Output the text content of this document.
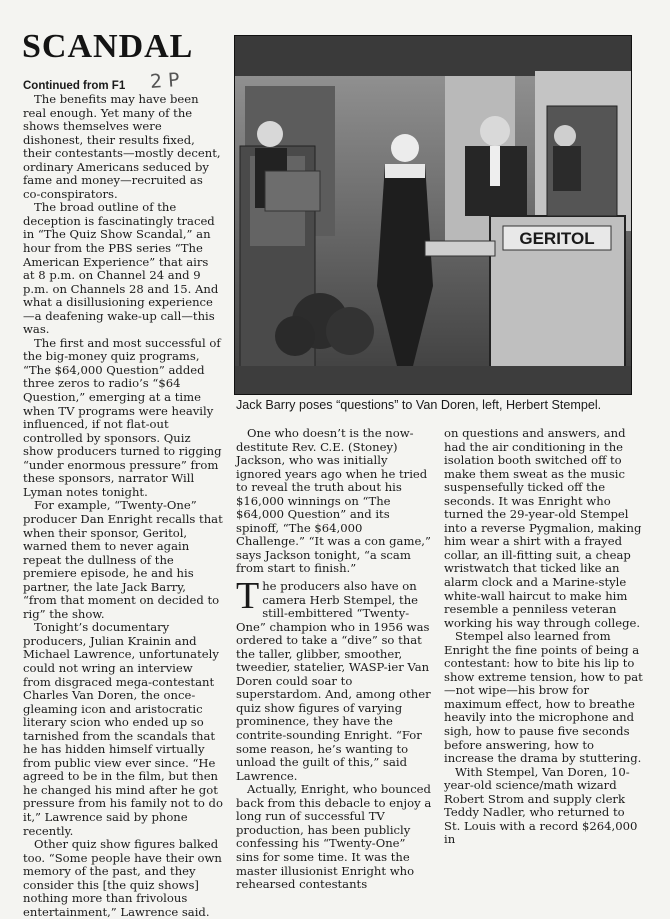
SCANDAL

Continued from F1 2 P

The benefits may have been real enough. Yet many of the shows themselves were dishonest, their results fixed, their contestants—mostly decent, ordinary Americans seduced by fame and money—recruited as co-conspirators.

The broad outline of the deception is fascinatingly traced in “The Quiz Show Scandal,” an hour from the PBS series “The American Experience” that airs at 8 p.m. on Channel 24 and 9 p.m. on Channels 28 and 15. And what a disillusioning experience—a deafening wake-up call—this was.

The first and most successful of the big-money quiz programs, “The $64,000 Question” added three zeros to radio’s “$64 Question,” emerging at a time when TV programs were heavily influenced, if not flat-out controlled by sponsors. Quiz show producers turned to rigging “under enormous pressure” from these sponsors, narrator Will Lyman notes tonight.

For example, “Twenty-One” producer Dan Enright recalls that when their sponsor, Geritol, warned them to never again repeat the dullness of the premiere episode, he and his partner, the late Jack Barry, “from that moment on decided to rig” the show.

Tonight’s documentary producers, Julian Krainin and Michael Lawrence, unfortunately could not wring an interview from disgraced mega-contestant Charles Van Doren, the once-gleaming icon and aristocratic literary scion who ended up so tarnished from the scandals that he has hidden himself virtually from public view ever since. “He agreed to be in the film, but then he changed his mind after he got pressure from his family not to do it,” Lawrence said by phone recently.

Other quiz show figures balked too. “Some people have their own memory of the past, and they consider this [the quiz shows] nothing more than frivolous entertainment,” Lawrence said.

GERITOL

Jack Barry poses “questions” to Van Doren, left, Herbert Stempel.

One who doesn’t is the now-destitute Rev. C.E. (Stoney) Jackson, who was initially ignored years ago when he tried to reveal the truth about his $16,000 winnings on “The $64,000 Question” and its spinoff, “The $64,000 Challenge.” “It was a con game,” says Jackson tonight, “a scam from start to finish.”

The producers also have on camera Herb Stempel, the still-embittered “Twenty-One” champion who in 1956 was ordered to take a “dive” so that the taller, glibber, smoother, tweedier, statelier, WASP-ier Van Doren could soar to superstardom. And, among other quiz show figures of varying prominence, they have the contrite-sounding Enright. “For some reason, he’s wanting to unload the guilt of this,” said Lawrence.

Actually, Enright, who bounced back from this debacle to enjoy a long run of successful TV production, has been publicly confessing his “Twenty-One” sins for some time. It was the master illusionist Enright who rehearsed contestants

on questions and answers, and had the air conditioning in the isolation booth switched off to make them sweat as the music suspensefully ticked off the seconds. It was Enright who turned the 29-year-old Stempel into a reverse Pygmalion, making him wear a shirt with a frayed collar, an ill-fitting suit, a cheap wristwatch that ticked like an alarm clock and a Marine-style white-wall haircut to make him resemble a penniless veteran working his way through college.

Stempel also learned from Enright the fine points of being a contestant: how to bite his lip to show extreme tension, how to pat—not wipe—his brow for maximum effect, how to breathe heavily into the microphone and sigh, how to pause five seconds before answering, how to increase the drama by stuttering.

With Stempel, Van Doren, 10-year-old science/math wizard Robert Strom and supply clerk Teddy Nadler, who returned to St. Louis with a record $264,000 in
